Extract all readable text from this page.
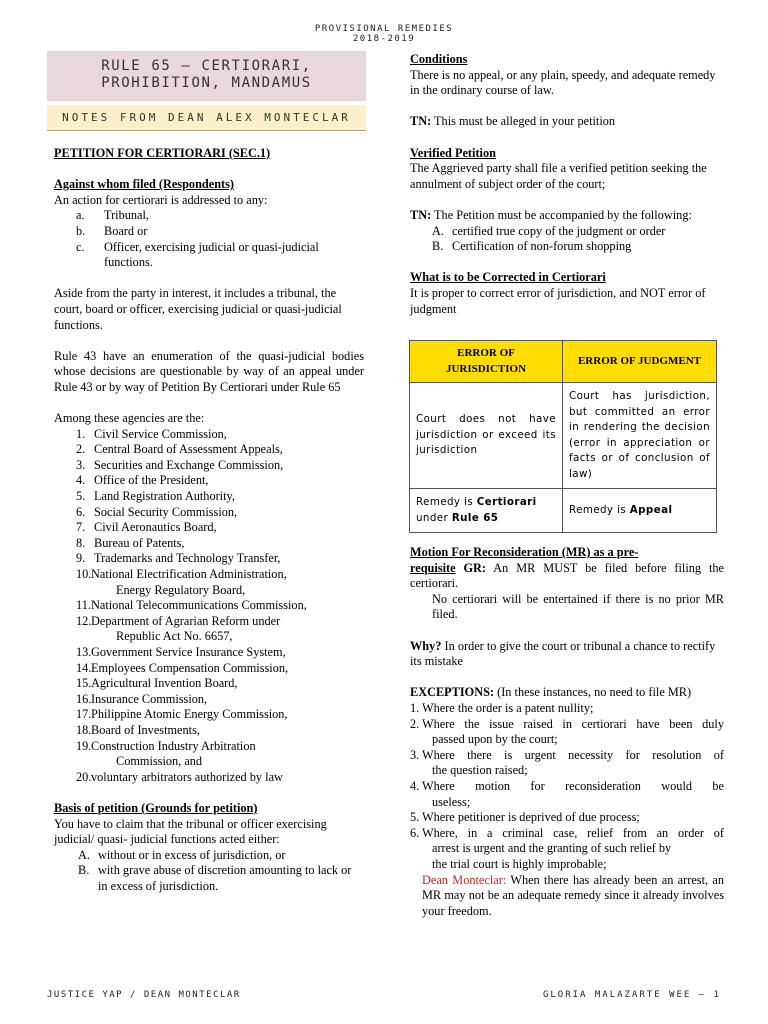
PROVISIONAL REMEDIES
2018-2019
RULE 65 – CERTIORARI,
PROHIBITION, MANDAMUS
NOTES FROM DEAN ALEX MONTECLAR
PETITION FOR CERTIORARI (SEC.1)
Against whom filed (Respondents)
An action for certiorari is addressed to any:
a.	Tribunal,
b.	Board or
c.	Officer, exercising judicial or quasi-judicial functions.
Aside from the party in interest, it includes a tribunal, the court, board or officer, exercising judicial or quasi-judicial functions.
Rule 43 have an enumeration of the quasi-judicial bodies whose decisions are questionable by way of an appeal under Rule 43 or by way of Petition By Certiorari under Rule 65
Among these agencies are the:
1. Civil Service Commission,
2. Central Board of Assessment Appeals,
3. Securities and Exchange Commission,
4. Office of the President,
5. Land Registration Authority,
6. Social Security Commission,
7. Civil Aeronautics Board,
8. Bureau of Patents,
9. Trademarks and Technology Transfer,
10. National Electrification Administration,
Energy Regulatory Board,
11. National Telecommunications Commission,
12. Department of Agrarian Reform under
Republic Act No. 6657,
13. Government Service Insurance System,
14. Employees Compensation Commission,
15. Agricultural Invention Board,
16. Insurance Commission,
17. Philippine Atomic Energy Commission,
18. Board of Investments,
19. Construction Industry Arbitration
Commission, and
20. voluntary arbitrators authorized by law
Basis of petition (Grounds for petition)
You have to claim that the tribunal or officer exercising judicial/ quasi- judicial functions acted either:
A. without or in excess of jurisdiction, or
B. with grave abuse of discretion amounting to lack or in excess of jurisdiction.
Conditions
There is no appeal, or any plain, speedy, and adequate remedy in the ordinary course of law.
TN: This must be alleged in your petition
Verified Petition
The Aggrieved party shall file a verified petition seeking the annulment of subject order of the court;
TN: The Petition must be accompanied by the following:
A. certified true copy of the judgment or order
B. Certification of non-forum shopping
What is to be Corrected in Certiorari
It is proper to correct error of jurisdiction, and NOT error of judgment
ERROR OF JURISDICTION	ERROR OF JUDGMENT
Court does not have jurisdiction or exceed its jurisdiction	Court has jurisdiction, but committed an error in rendering the decision (error in appreciation or facts or of conclusion of law)
Remedy is Certiorari under Rule 65	Remedy is Appeal
Motion For Reconsideration (MR) as a pre-
requisite GR: An MR MUST be filed before filing the certiorari.
No certiorari will be entertained if there is no prior MR filed.
Why? In order to give the court or tribunal a chance to rectify its mistake
EXCEPTIONS: (In these instances, no need to file MR)
1. Where the order is a patent nullity;
2. Where the issue raised in certiorari have been duly
passed upon by the court;
3. Where there is urgent necessity for resolution of
the question raised;
4. Where motion for reconsideration would be
useless;
5. Where petitioner is deprived of due process;
6. Where, in a criminal case, relief from an order of
arrest is urgent and the granting of such relief by
the trial court is highly improbable;
Dean Monteclar: When there has already been an arrest, an MR may not be an adequate remedy since it already involves your freedom.
JUSTICE YAP / DEAN MONTECLAR	GLORIA MALAZARTE WEE — 1
